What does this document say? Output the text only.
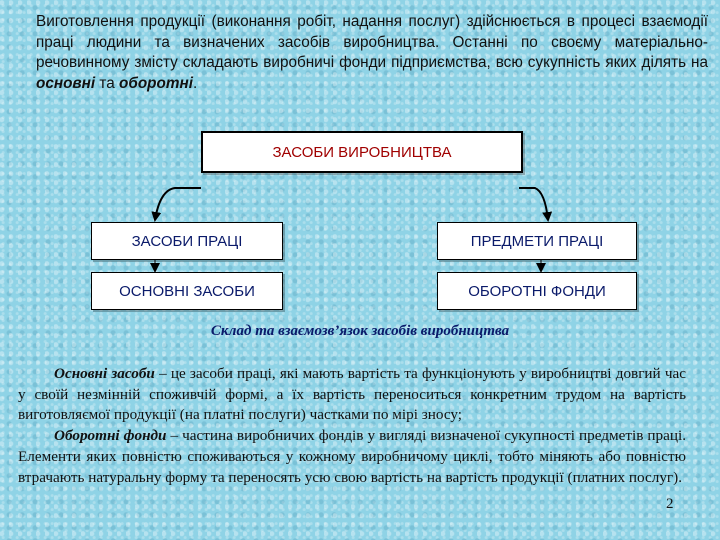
Виготовлення продукції (виконання робіт, надання послуг) здійснюється в процесі взаємодії праці людини та визначених засобів виробництва. Останні по своєму матеріально-речовинному змісту складають виробничі фонди підприємства, всю сукупність яких ділять на основні та оборотні.
ЗАСОБИ ВИРОБНИЦТВА
ЗАСОБИ ПРАЦІ	ПРЕДМЕТИ ПРАЦІ
ОСНОВНІ ЗАСОБИ	ОБОРОТНІ ФОНДИ
Склад та взаємозв’язок засобів виробництва

Основні засоби – це засоби праці, які мають вартість та функціонують у виробництві довгий час у своїй незмінній споживчій формі, а їх вартість переноситься конкретним трудом на вартість виготовляємої продукції (на платні послуги) частками по мірі зносу;

Оборотні фонди – частина виробничих фондів у вигляді визначеної сукупності предметів праці. Елементи яких повністю споживаються у кожному виробничому циклі, тобто міняють або повністю втрачають натуральну форму та переносять усю свою вартість на вартість продукції (платних послуг).

2
